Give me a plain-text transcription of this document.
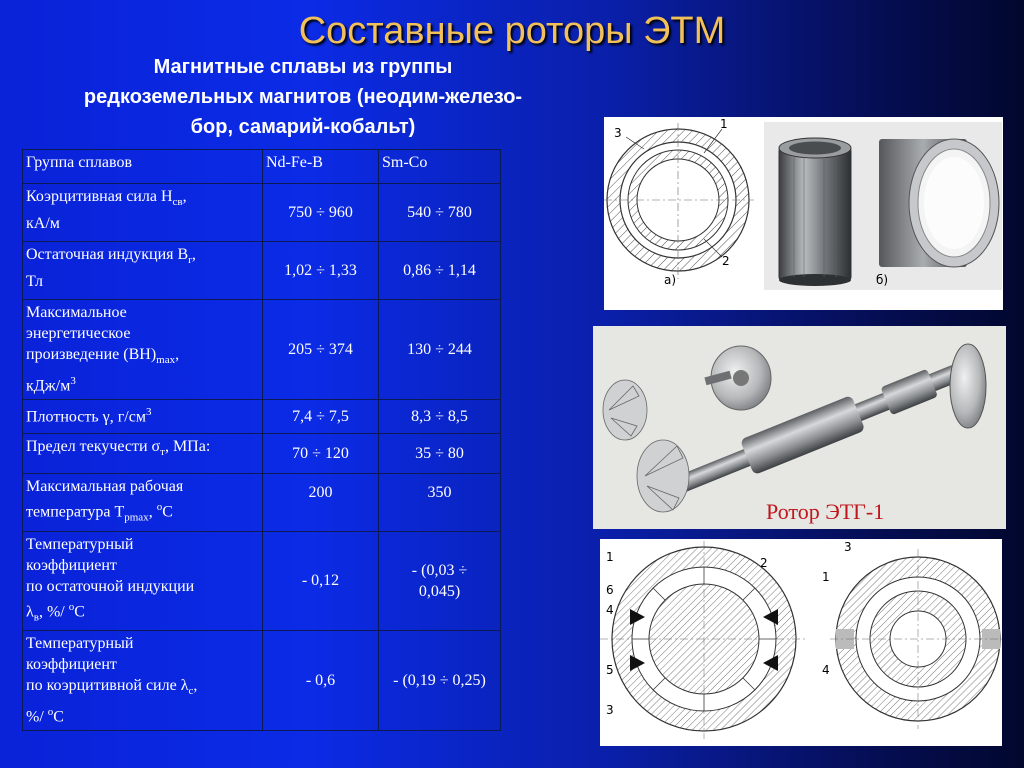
Составные роторы ЭТМ
Магнитные сплавы из группы
редкоземельных магнитов (неодим-железо-
бор, самарий-кобальт)
Группа сплавов	Nd-Fe-B	Sm-Co
Коэрцитивная сила $Н_{св}$,
кА/м	750 ÷ 960	540 ÷ 780
Остаточная индукция $В_r$,
Тл	1,02 ÷ 1,33	0,86 ÷ 1,14
Максимальное
энергетическое
произведение $(ВН)_{max}$,
кДж/$м^3$	205 ÷ 374	130 ÷ 244
Плотность γ, $г/см^3$	7,4 ÷ 7,5	8,3 ÷ 8,5
Предел текучести $\sigma_т$, МПа:	70 ÷ 120	35 ÷ 80
Максимальная рабочая
температура $Т_{рmax}$, $^o$С	200	350
Температурный
коэффициент
по остаточной индукции
$\lambda_в$, %/ $^o$С	- 0,12	- (0,03 ÷
0,045)
Температурный
коэффициент
по коэрцитивной силе $\lambda_c$,
%/ $^o$С	- 0,6	- (0,19 ÷ 0,25)
3
1
2
а)	б)
Ротор ЭТГ-1
1
6
4
5
3
2
3
1
4
